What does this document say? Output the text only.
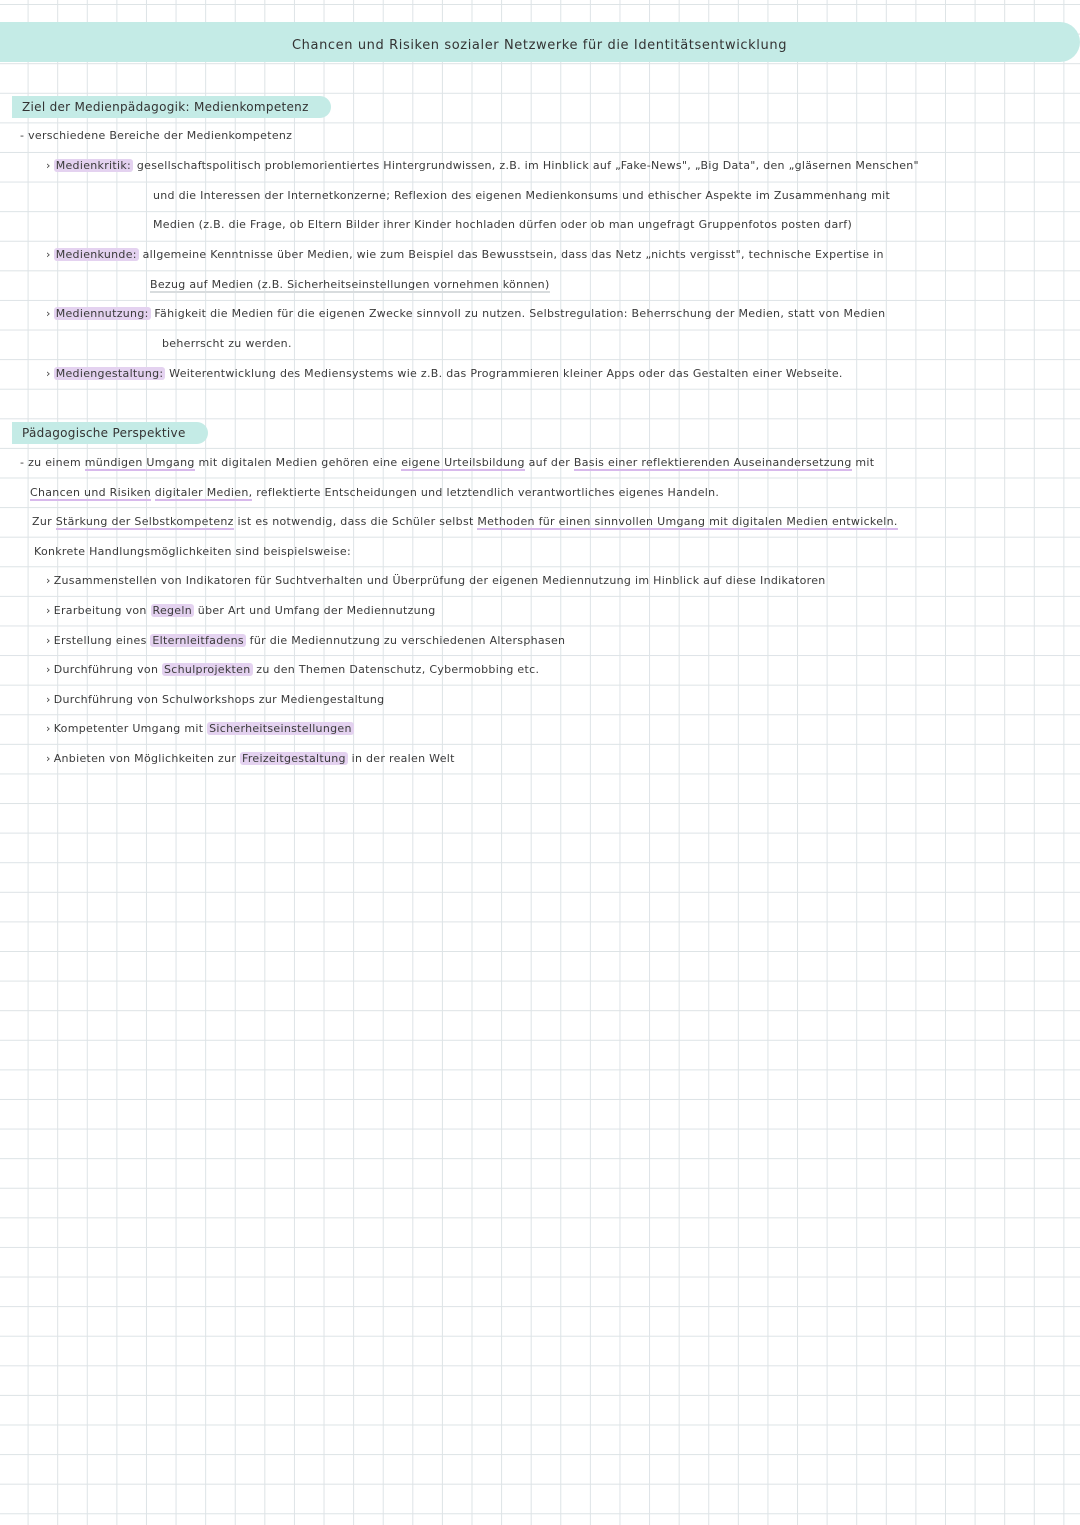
Chancen und Risiken sozialer Netzwerke für die Identitätsentwicklung
Ziel der Medienpädagogik: Medienkompetenz
- verschiedene Bereiche der Medienkompetenz
› Medienkritik: gesellschaftspolitisch problemorientiertes Hintergrundwissen, z.B. im Hinblick auf „Fake-News", „Big Data", den „gläsernen Menschen"
und die Interessen der Internetkonzerne; Reflexion des eigenen Medienkonsums und ethischer Aspekte im Zusammenhang mit
Medien (z.B. die Frage, ob Eltern Bilder ihrer Kinder hochladen dürfen oder ob man ungefragt Gruppenfotos posten darf)
› Medienkunde: allgemeine Kenntnisse über Medien, wie zum Beispiel das Bewusstsein, dass das Netz „nichts vergisst", technische Expertise in
Bezug auf Medien (z.B. Sicherheitseinstellungen vornehmen können)
› Mediennutzung: Fähigkeit die Medien für die eigenen Zwecke sinnvoll zu nutzen. Selbstregulation: Beherrschung der Medien, statt von Medien
beherrscht zu werden.
› Mediengestaltung: Weiterentwicklung des Mediensystems wie z.B. das Programmieren kleiner Apps oder das Gestalten einer Webseite.
Pädagogische Perspektive
- zu einem mündigen Umgang mit digitalen Medien gehören eine eigene Urteilsbildung auf der Basis einer reflektierenden Auseinandersetzung mit
Chancen und Risiken digitaler Medien, reflektierte Entscheidungen und letztendlich verantwortliches eigenes Handeln.
Zur Stärkung der Selbstkompetenz ist es notwendig, dass die Schüler selbst Methoden für einen sinnvollen Umgang mit digitalen Medien entwickeln.
Konkrete Handlungsmöglichkeiten sind beispielsweise:
› Zusammenstellen von Indikatoren für Suchtverhalten und Überprüfung der eigenen Mediennutzung im Hinblick auf diese Indikatoren
› Erarbeitung von Regeln über Art und Umfang der Mediennutzung
› Erstellung eines Elternleitfadens für die Mediennutzung zu verschiedenen Altersphasen
› Durchführung von Schulprojekten zu den Themen Datenschutz, Cybermobbing etc.
› Durchführung von Schulworkshops zur Mediengestaltung
› Kompetenter Umgang mit Sicherheitseinstellungen
› Anbieten von Möglichkeiten zur Freizeitgestaltung in der realen Welt
